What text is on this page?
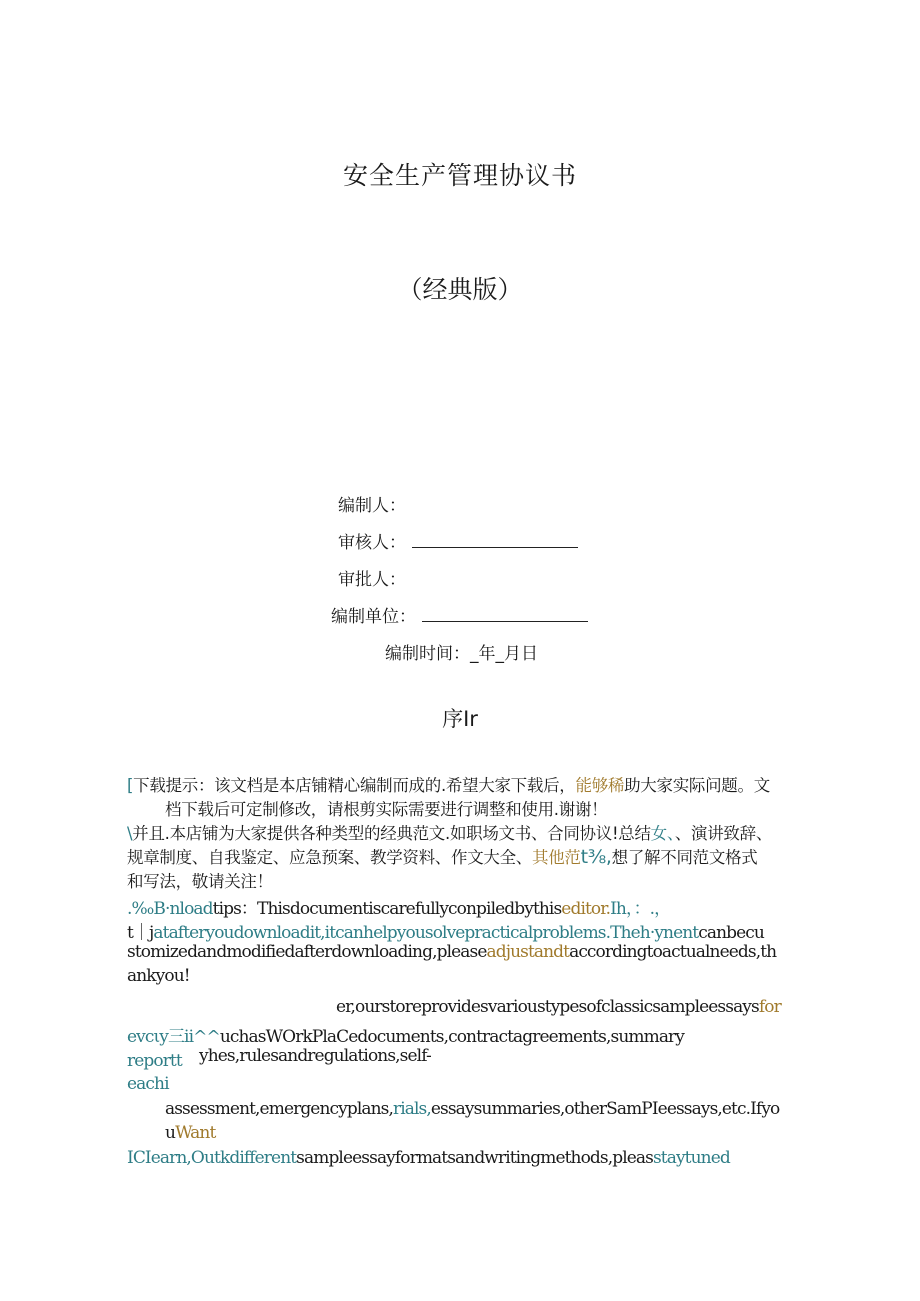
安全生产管理协议书
（经典版）
编制人：
审核人：
审批人：
编制单位：
编制时间：_年_月日
序Ir
[下载提示：该文档是本店铺精心编制而成的.希望大家下载后，能够稀助大家实际问题。文
档下载后可定制修改，请根剪实际需要进行调整和使用.谢谢！
\并且.本店铺为大家提供各种类型的经典范文.如职场文书、合同协议!总结女、、演讲致辞、
规章制度、自我鉴定、应急预案、教学资料、作文大全、其他范t⅜,想了解不同范文格式
和写法，敬请关注！
.‰B·nloadtips：Thisdocumentiscarefullyconpiledbythiseditor.Ih，：.，
t｜jatafteryoudownloadit,itcanhelpyousolvepracticalproblems.Theh·ynentcanbecu
stomizedandmodifiedafterdownloading,pleaseadjustandtaccordingtoactualneeds,th
ankyou!
er,ourstoreprovidesvarioustypesofclassicsampleessaysfor
evcιy三ii^^uchasWOrkPlaCedocuments,contractagreements,summary
reportt yhes,rulesandregulations,self-
eachi
assessment,emergencyplans,rials,essaysummaries,otherSamPIeessays,etc.Ifyo
uWant
ICIearn,Outkdifferentsampleessayformatsandwritingmethods,pleasstaytuned
